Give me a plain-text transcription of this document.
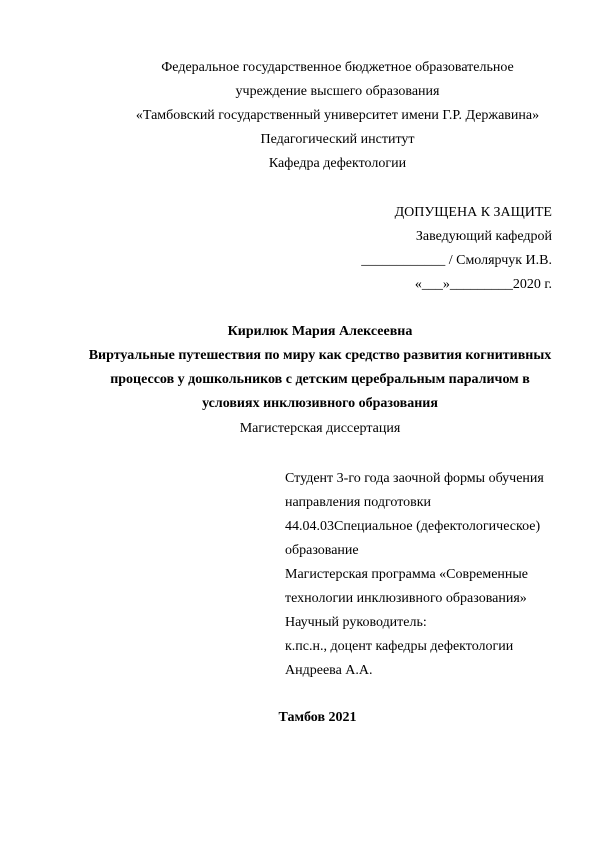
Федеральное государственное бюджетное образовательное
учреждение высшего образования
«Тамбовский государственный университет имени Г.Р. Державина»
Педагогический институт
Кафедра дефектологии
ДОПУЩЕНА К ЗАЩИТЕ
Заведующий кафедрой
____________ / Смолярчук И.В.
«___»_________2020 г.
Кирилюк Мария Алексеевна
Виртуальные путешествия по миру как средство развития когнитивных
процессов у дошкольников с детским церебральным параличом в
условиях инклюзивного образования
Магистерская диссертация
Студент 3-го года заочной формы обучения
направления подготовки
44.04.03Специальное (дефектологическое)
образование
Магистерская программа «Современные
технологии инклюзивного образования»
Научный руководитель:
к.пс.н., доцент кафедры дефектологии
Андреева А.А.
Тамбов 2021
